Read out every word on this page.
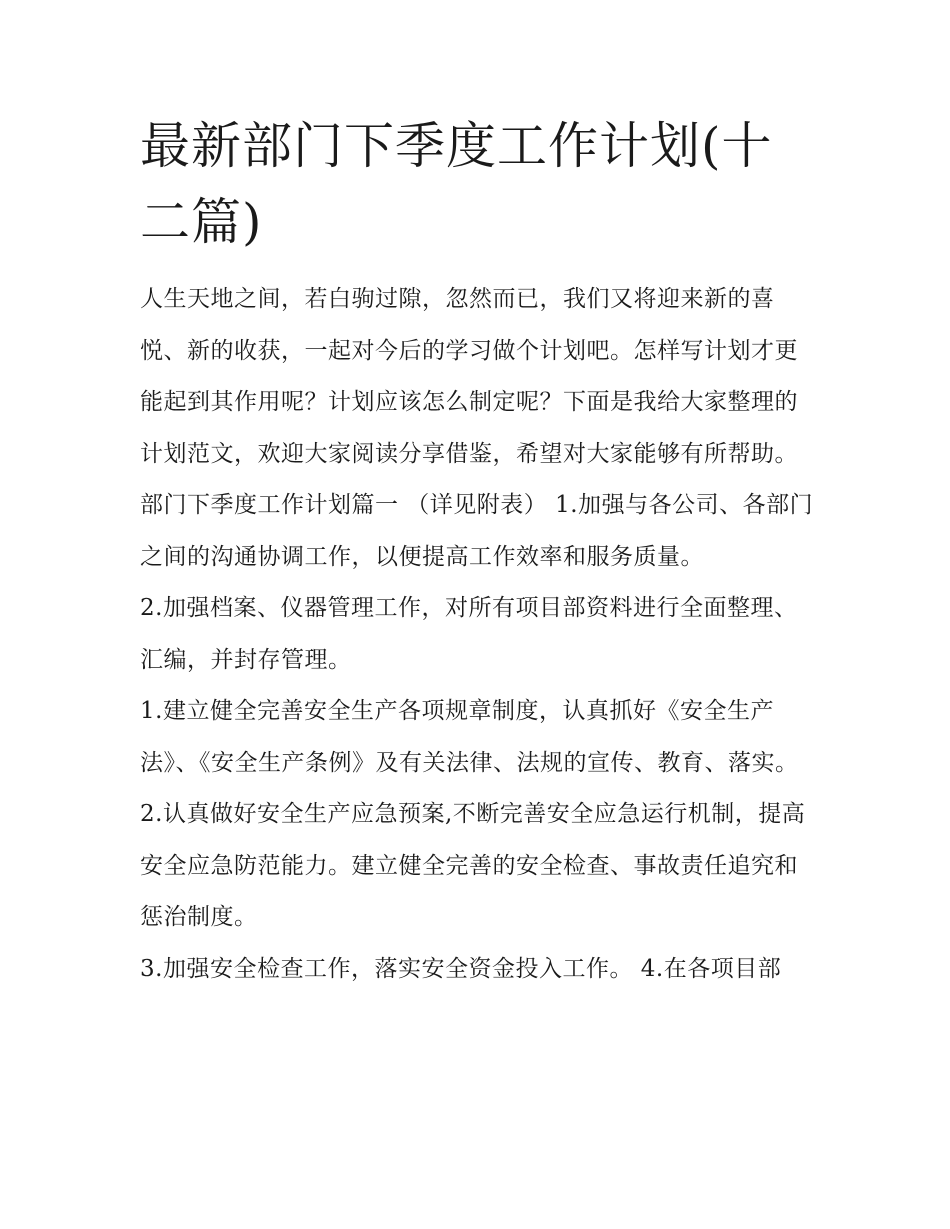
最新部门下季度工作计划(十二篇)

人生天地之间，若白驹过隙，忽然而已，我们又将迎来新的喜悦、新的收获，一起对今后的学习做个计划吧。怎样写计划才更能起到其作用呢？计划应该怎么制定呢？下面是我给大家整理的计划范文，欢迎大家阅读分享借鉴，希望对大家能够有所帮助。

部门下季度工作计划篇一 （详见附表） 1.加强与各公司、各部门之间的沟通协调工作，以便提高工作效率和服务质量。

2.加强档案、仪器管理工作，对所有项目部资料进行全面整理、汇编，并封存管理。

1.建立健全完善安全生产各项规章制度，认真抓好《安全生产法》、《安全生产条例》及有关法律、法规的宣传、教育、落实。

2.认真做好安全生产应急预案,不断完善安全应急运行机制，提高安全应急防范能力。建立健全完善的安全检查、事故责任追究和惩治制度。

3.加强安全检查工作，落实安全资金投入工作。 4.在各项目部
